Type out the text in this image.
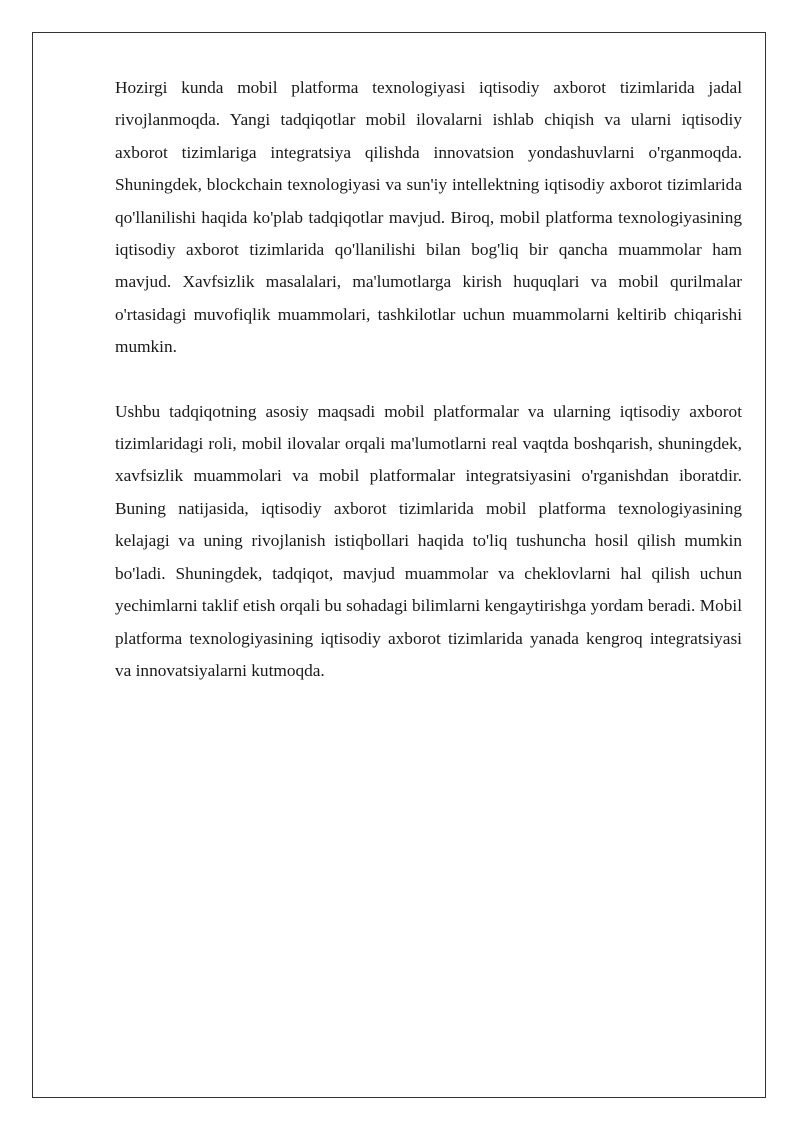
Hozirgi kunda mobil platforma texnologiyasi iqtisodiy axborot tizimlarida jadal rivojlanmoqda. Yangi tadqiqotlar mobil ilovalarni ishlab chiqish va ularni iqtisodiy axborot tizimlariga integratsiya qilishda innovatsion yondashuvlarni o'rganmoqda. Shuningdek, blockchain texnologiyasi va sun'iy intellektning iqtisodiy axborot tizimlarida qo'llanilishi haqida ko'plab tadqiqotlar mavjud. Biroq, mobil platforma texnologiyasining iqtisodiy axborot tizimlarida qo'llanilishi bilan bog'liq bir qancha muammolar ham mavjud. Xavfsizlik masalalari, ma'lumotlarga kirish huquqlari va mobil qurilmalar o'rtasidagi muvofiqlik muammolari, tashkilotlar uchun muammolarni keltirib chiqarishi mumkin.

Ushbu tadqiqotning asosiy maqsadi mobil platformalar va ularning iqtisodiy axborot tizimlaridagi roli, mobil ilovalar orqali ma'lumotlarni real vaqtda boshqarish, shuningdek, xavfsizlik muammolari va mobil platformalar integratsiyasini o'rganishdan iboratdir. Buning natijasida, iqtisodiy axborot tizimlarida mobil platforma texnologiyasining kelajagi va uning rivojlanish istiqbollari haqida to'liq tushuncha hosil qilish mumkin bo'ladi. Shuningdek, tadqiqot, mavjud muammolar va cheklovlarni hal qilish uchun yechimlarni taklif etish orqali bu sohadagi bilimlarni kengaytirishga yordam beradi. Mobil platforma texnologiyasining iqtisodiy axborot tizimlarida yanada kengroq integratsiyasi va innovatsiyalarni kutmoqda.
